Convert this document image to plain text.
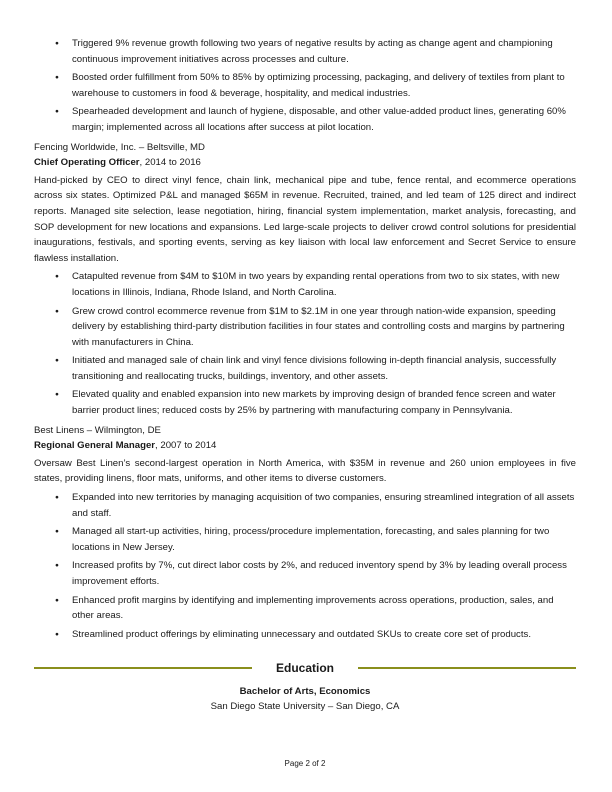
● Triggered 9% revenue growth following two years of negative results by acting as change agent and championing continuous improvement initiatives across processes and culture.
● Boosted order fulfillment from 50% to 85% by optimizing processing, packaging, and delivery of textiles from plant to warehouse to customers in food & beverage, hospitality, and medical industries.
● Spearheaded development and launch of hygiene, disposable, and other value-added product lines, generating 60% margin; implemented across all locations after success at pilot location.
Fencing Worldwide, Inc. – Beltsville, MD
Chief Operating Officer, 2014 to 2016

Hand-picked by CEO to direct vinyl fence, chain link, mechanical pipe and tube, fence rental, and ecommerce operations across six states. Optimized P&L and managed $65M in revenue. Recruited, trained, and led team of 125 direct and indirect reports. Managed site selection, lease negotiation, hiring, financial system implementation, market analysis, forecasting, and SOP development for new locations and expansions. Led large-scale projects to deliver crowd control solutions for presidential inaugurations, festivals, and sporting events, serving as key liaison with local law enforcement and Secret Service to ensure flawless installation.

● Catapulted revenue from $4M to $10M in two years by expanding rental operations from two to six states, with new locations in Illinois, Indiana, Rhode Island, and North Carolina.
● Grew crowd control ecommerce revenue from $1M to $2.1M in one year through nation-wide expansion, speeding delivery by establishing third-party distribution facilities in four states and controlling costs and margins by partnering with manufacturers in China.
● Initiated and managed sale of chain link and vinyl fence divisions following in-depth financial analysis, successfully transitioning and reallocating trucks, buildings, inventory, and other assets.
● Elevated quality and enabled expansion into new markets by improving design of branded fence screen and water barrier product lines; reduced costs by 25% by partnering with manufacturing company in Pennsylvania.
Best Linens – Wilmington, DE
Regional General Manager, 2007 to 2014

Oversaw Best Linen’s second-largest operation in North America, with $35M in revenue and 260 union employees in five states, providing linens, floor mats, uniforms, and other items to diverse customers.

● Expanded into new territories by managing acquisition of two companies, ensuring streamlined integration of all assets and staff.
● Managed all start-up activities, hiring, process/procedure implementation, forecasting, and sales planning for two locations in New Jersey.
● Increased profits by 7%, cut direct labor costs by 2%, and reduced inventory spend by 3% by leading overall process improvement efforts.
● Enhanced profit margins by identifying and implementing improvements across operations, production, sales, and other areas.
● Streamlined product offerings by eliminating unnecessary and outdated SKUs to create core set of products.
Education
Bachelor of Arts, Economics
San Diego State University – San Diego, CA
Page 2 of 2
